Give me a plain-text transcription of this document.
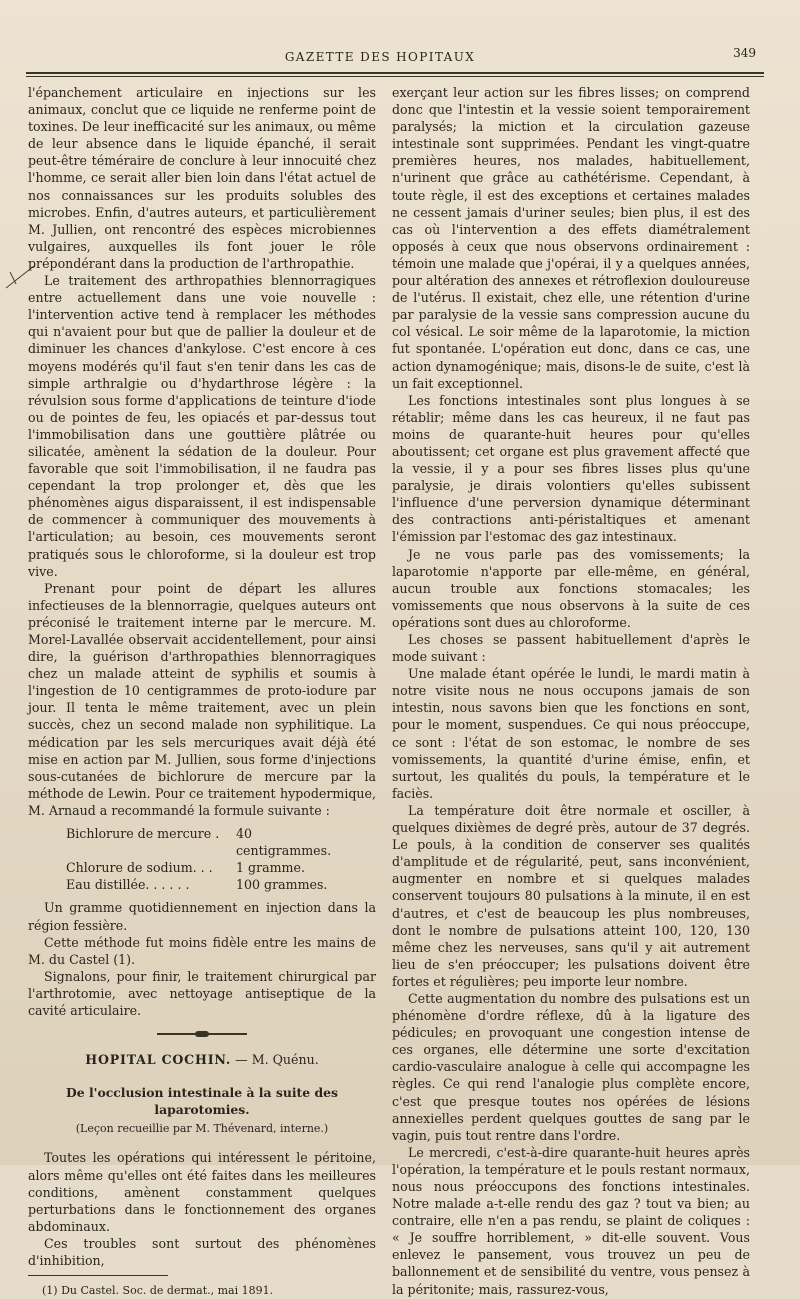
GAZETTE DES HOPITAUX	349

l'épanchement articulaire en injections sur les animaux, conclut que ce liquide ne renferme point de toxines. De leur inefficacité sur les animaux, ou même de leur absence dans le liquide épanché, il serait peut-être téméraire de conclure à leur innocuité chez l'homme, ce serait aller bien loin dans l'état actuel de nos connaissances sur les produits solubles des microbes. Enfin, d'autres auteurs, et particulièrement M. Jullien, ont rencontré des espèces microbiennes vulgaires, auxquelles ils font jouer le rôle prépondérant dans la production de l'arthropathie.

Le traitement des arthropathies blennorragiques entre actuellement dans une voie nouvelle : l'intervention active tend à remplacer les méthodes qui n'avaient pour but que de pallier la douleur et de diminuer les chances d'ankylose. C'est encore à ces moyens modérés qu'il faut s'en tenir dans les cas de simple arthralgie ou d'hydarthrose légère : la révulsion sous forme d'applications de teinture d'iode ou de pointes de feu, les opiacés et par-dessus tout l'immobilisation dans une gouttière plâtrée ou silicatée, amènent la sédation de la douleur. Pour favorable que soit l'immobilisation, il ne faudra pas cependant la trop prolonger et, dès que les phénomènes aigus disparaissent, il est indispensable de commencer à communiquer des mouvements à l'articulation; au besoin, ces mouvements seront pratiqués sous le chloroforme, si la douleur est trop vive.

Prenant pour point de départ les allures infectieuses de la blennorragie, quelques auteurs ont préconisé le traitement interne par le mercure. M. Morel-Lavallée observait accidentellement, pour ainsi dire, la guérison d'arthropathies blennorragiques chez un malade atteint de syphilis et soumis à l'ingestion de 10 centigrammes de proto-iodure par jour. Il tenta le même traitement, avec un plein succès, chez un second malade non syphilitique. La médication par les sels mercuriques avait déjà été mise en action par M. Jullien, sous forme d'injections sous-cutanées de bichlorure de mercure par la méthode de Lewin. Pour ce traitement hypodermique, M. Arnaud a recommandé la formule suivante :

Bichlorure de mercure .	40 centigrammes.
Chlorure de sodium. . .	1 gramme.
Eau distillée. . . . . .	100 grammes.

Un gramme quotidiennement en injection dans la région fessière.

Cette méthode fut moins fidèle entre les mains de M. du Castel (1).

Signalons, pour finir, le traitement chirurgical par l'arthrotomie, avec nettoyage antiseptique de la cavité articulaire.

HOPITAL COCHIN. — M. Quénu.
De l'occlusion intestinale à la suite des laparotomies.
(Leçon recueillie par M. Thévenard, interne.)

Toutes les opérations qui intéressent le péritoine, alors même qu'elles ont été faites dans les meilleures conditions, amènent constamment quelques perturbations dans le fonctionnement des organes abdominaux.

Ces troubles sont surtout des phénomènes d'inhibition,

(1) Du Castel. Soc. de dermat., mai 1891.

exerçant leur action sur les fibres lisses; on comprend donc que l'intestin et la vessie soient temporairement paralysés; la miction et la circulation gazeuse intestinale sont supprimées. Pendant les vingt-quatre premières heures, nos malades, habituellement, n'urinent que grâce au cathétérisme. Cependant, à toute règle, il est des exceptions et certaines malades ne cessent jamais d'uriner seules; bien plus, il est des cas où l'intervention a des effets diamétralement opposés à ceux que nous observons ordinairement : témoin une malade que j'opérai, il y a quelques années, pour altération des annexes et rétroflexion douloureuse de l'utérus. Il existait, chez elle, une rétention d'urine par paralysie de la vessie sans compression aucune du col vésical. Le soir même de la laparotomie, la miction fut spontanée. L'opération eut donc, dans ce cas, une action dynamogénique; mais, disons-le de suite, c'est là un fait exceptionnel.

Les fonctions intestinales sont plus longues à se rétablir; même dans les cas heureux, il ne faut pas moins de quarante-huit heures pour qu'elles aboutissent; cet organe est plus gravement affecté que la vessie, il y a pour ses fibres lisses plus qu'une paralysie, je dirais volontiers qu'elles subissent l'influence d'une perversion dynamique déterminant des contractions anti-péristaltiques et amenant l'émission par l'estomac des gaz intestinaux.

Je ne vous parle pas des vomissements; la laparotomie n'apporte par elle-même, en général, aucun trouble aux fonctions stomacales; les vomissements que nous observons à la suite de ces opérations sont dues au chloroforme.

Les choses se passent habituellement d'après le mode suivant :

Une malade étant opérée le lundi, le mardi matin à notre visite nous ne nous occupons jamais de son intestin, nous savons bien que les fonctions en sont, pour le moment, suspendues. Ce qui nous préoccupe, ce sont : l'état de son estomac, le nombre de ses vomissements, la quantité d'urine émise, enfin, et surtout, les qualités du pouls, la température et le faciès.

La température doit être normale et osciller, à quelques dixièmes de degré près, autour de 37 degrés. Le pouls, à la condition de conserver ses qualités d'amplitude et de régularité, peut, sans inconvénient, augmenter en nombre et si quelques malades conservent toujours 80 pulsations à la minute, il en est d'autres, et c'est de beaucoup les plus nombreuses, dont le nombre de pulsations atteint 100, 120, 130 même chez les nerveuses, sans qu'il y ait autrement lieu de s'en préoccuper; les pulsations doivent être fortes et régulières; peu importe leur nombre.

Cette augmentation du nombre des pulsations est un phénomène d'ordre réflexe, dû à la ligature des pédicules; en provoquant une congestion intense de ces organes, elle détermine une sorte d'excitation cardio-vasculaire analogue à celle qui accompagne les règles. Ce qui rend l'analogie plus complète encore, c'est que presque toutes nos opérées de lésions annexielles perdent quelques gouttes de sang par le vagin, puis tout rentre dans l'ordre.

Le mercredi, c'est-à-dire quarante-huit heures après l'opération, la température et le pouls restant normaux, nous nous préoccupons des fonctions intestinales. Notre malade a-t-elle rendu des gaz ? tout va bien; au contraire, elle n'en a pas rendu, se plaint de coliques : « Je souffre horriblement, » dit-elle souvent. Vous enlevez le pansement, vous trouvez un peu de ballonnement et de sensibilité du ventre, vous pensez à la péritonite; mais, rassurez-vous,
